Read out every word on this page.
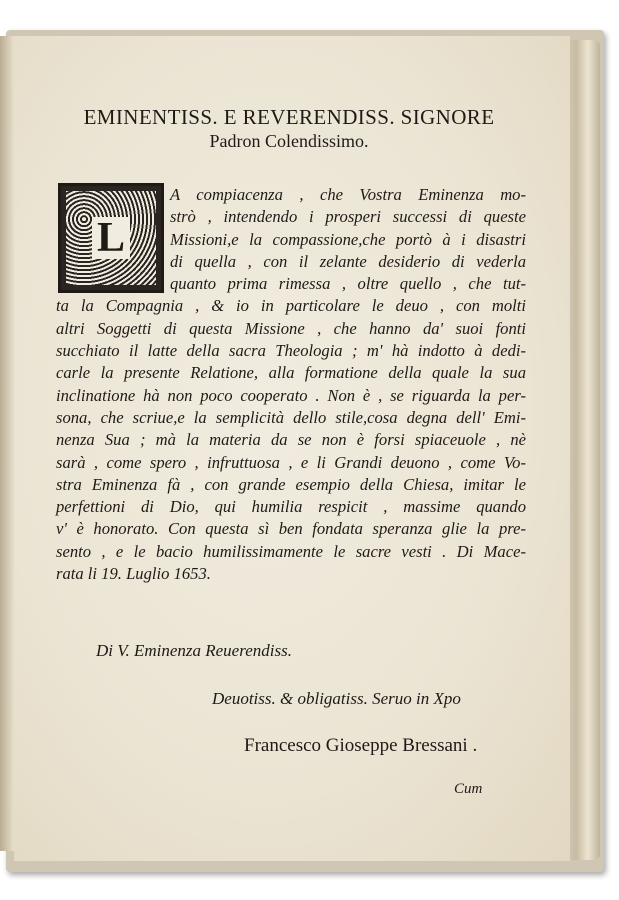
EMINENTISS. E REVERENDISS. SIGNORE
Padron Colendissimo.
L
A compiacenza , che Vostra Eminenza mo-
strò , intendendo i prosperi successi di queste
Missioni,e la compassione,che portò à i disastri
di quella , con il zelante desiderio di vederla
quanto prima rimessa , oltre quello , che tut-
ta la Compagnia , & io in particolare le deuo , con molti
altri Soggetti di questa Missione , che hanno da' suoi fonti
succhiato il latte della sacra Theologia ; m' hà indotto à dedi-
carle la presente Relatione, alla formatione della quale la sua
inclinatione hà non poco cooperato . Non è , se riguarda la per-
sona, che scriue,e la semplicità dello stile,cosa degna dell' Emi-
nenza Sua ; mà la materia da se non è forsi spiaceuole , nè
sarà , come spero , infruttuosa , e li Grandi deuono , come Vo-
stra Eminenza fà , con grande esempio della Chiesa, imitar le
perfettioni di Dio, qui humilia respicit , massime quando
v' è honorato. Con questa sì ben fondata speranza glie la pre-
sento , e le bacio humilissimamente le sacre vesti . Di Mace-
rata li 19. Luglio 1653.
Di V. Eminenza Reuerendiss.
Deuotiss. & obligatiss. Seruo in Xpo
Francesco Gioseppe Bressani .
Cum
